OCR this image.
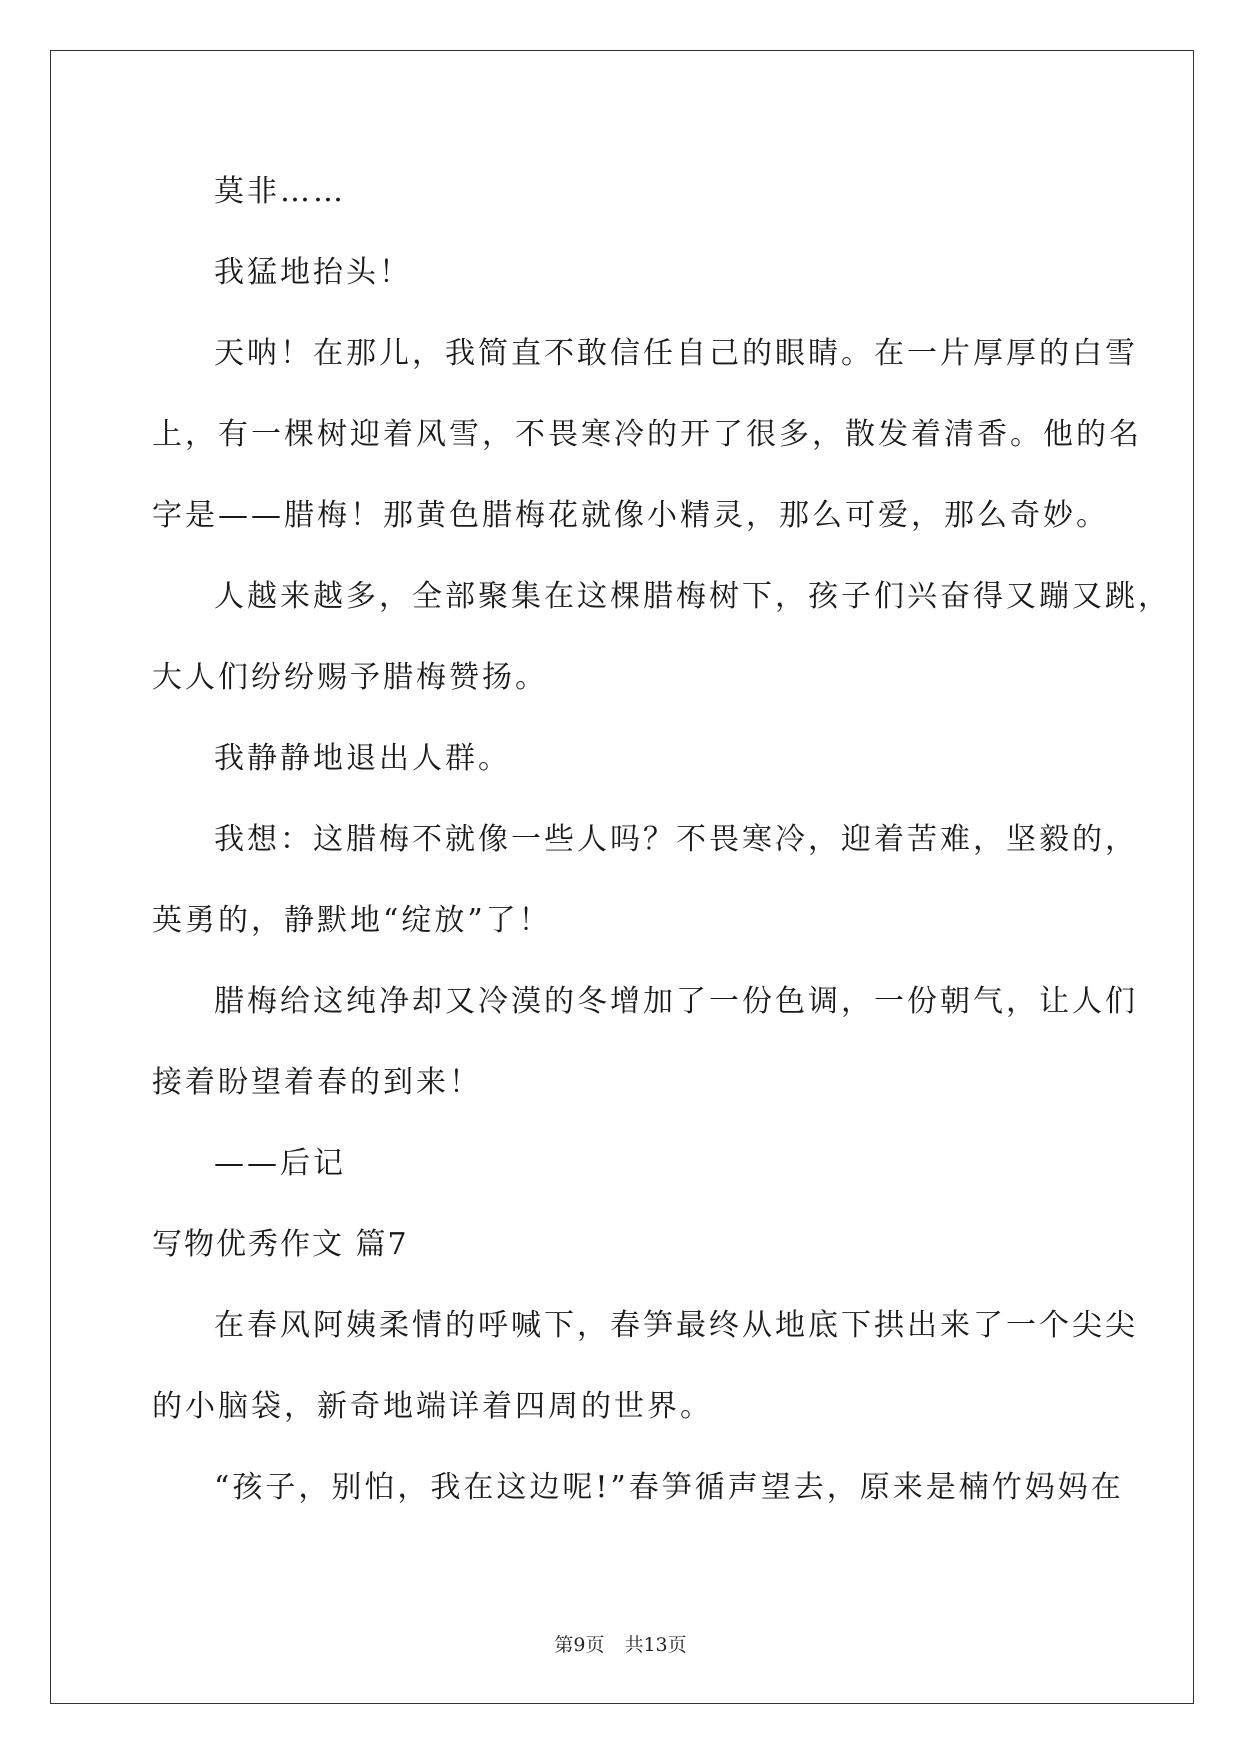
莫非……
我猛地抬头！
天呐！在那儿，我简直不敢信任自己的眼睛。在一片厚厚的白雪
上，有一棵树迎着风雪，不畏寒冷的开了很多，散发着清香。他的名
字是——腊梅！那黄色腊梅花就像小精灵，那么可爱，那么奇妙。
人越来越多，全部聚集在这棵腊梅树下，孩子们兴奋得又蹦又跳，
大人们纷纷赐予腊梅赞扬。
我静静地退出人群。
我想：这腊梅不就像一些人吗？不畏寒冷，迎着苦难，坚毅的，
英勇的，静默地“绽放”了！
腊梅给这纯净却又冷漠的冬增加了一份色调，一份朝气，让人们
接着盼望着春的到来！
——后记
写物优秀作文 篇7
在春风阿姨柔情的呼喊下，春笋最终从地底下拱出来了一个尖尖
的小脑袋，新奇地端详着四周的世界。
“孩子，别怕，我在这边呢!”春笋循声望去，原来是楠竹妈妈在
第9页 共13页
